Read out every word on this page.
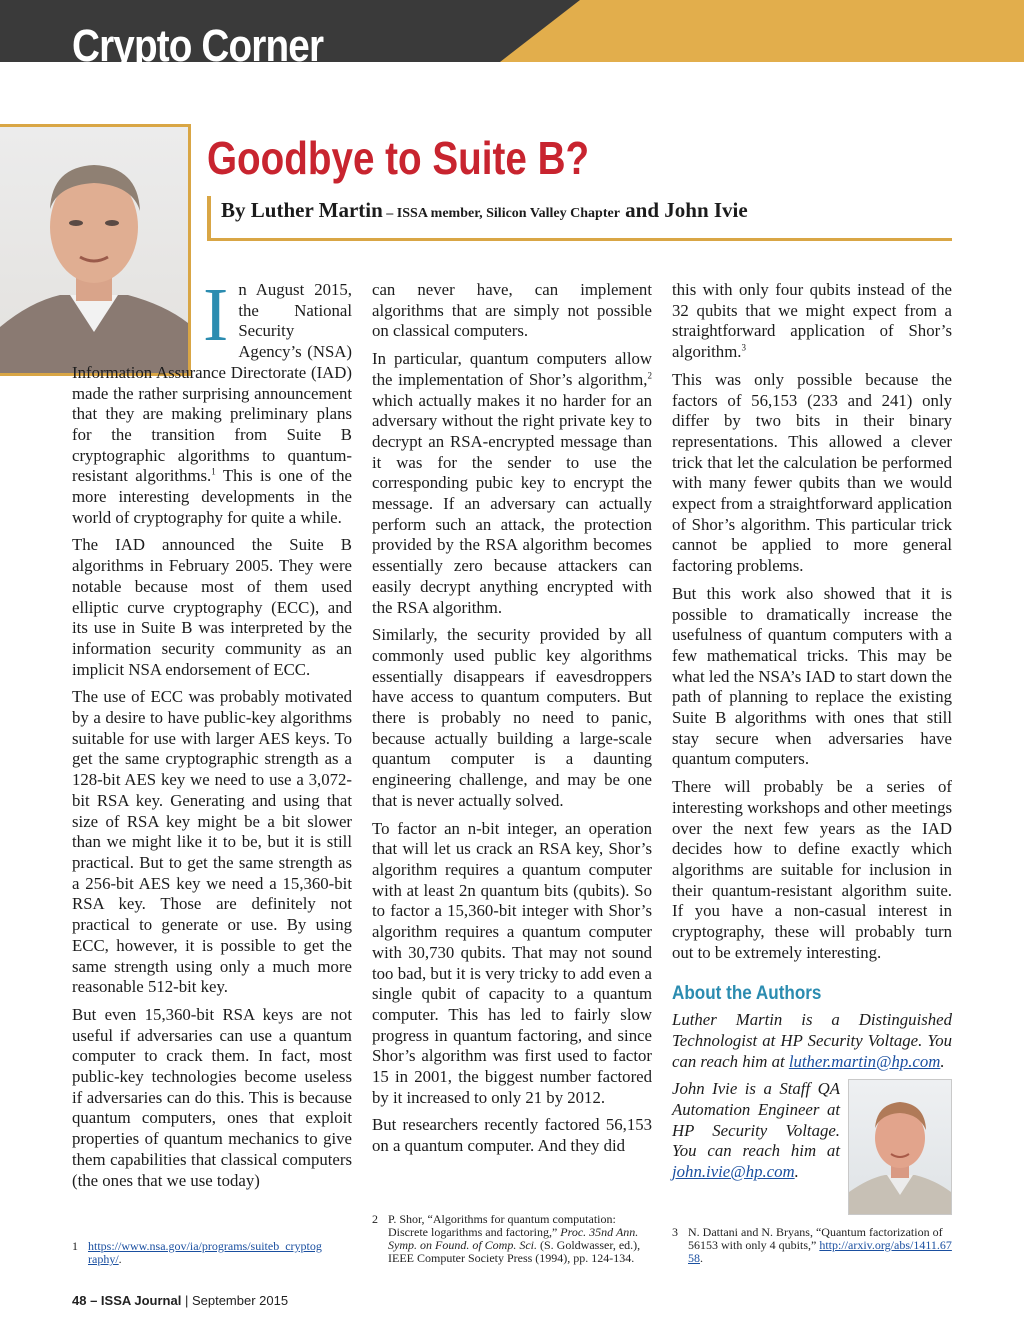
Crypto Corner
Goodbye to Suite B?
By Luther Martin – ISSA member, Silicon Valley Chapter and John Ivie

In August 2015, the National Security Agency’s (NSA) Information Assurance Directorate (IAD) made the rather surprising announcement that they are making preliminary plans for the transition from Suite B cryptographic algorithms to quantum-resistant algorithms.$^1$ This is one of the more interesting developments in the world of cryptography for quite a while.

The IAD announced the Suite B algorithms in February 2005. They were notable because most of them used elliptic curve cryptography (ECC), and its use in Suite B was interpreted by the information security community as an implicit NSA endorsement of ECC.

The use of ECC was probably motivated by a desire to have public-key algorithms suitable for use with larger AES keys. To get the same cryptographic strength as a 128-bit AES key we need to use a 3,072-bit RSA key. Generating and using that size of RSA key might be a bit slower than we might like it to be, but it is still practical. But to get the same strength as a 256-bit AES key we need a 15,360-bit RSA key. Those are definitely not practical to generate or use. By using ECC, however, it is possible to get the same strength using only a much more reasonable 512-bit key.

But even 15,360-bit RSA keys are not useful if adversaries can use a quantum computer to crack them. In fact, most public-key technologies become useless if adversaries can do this. This is because quantum computers, ones that exploit properties of quantum mechanics to give them capabilities that classical computers (the ones that we use today)

can never have, can implement algorithms that are simply not possible on classical computers.

In particular, quantum computers allow the implementation of Shor’s algorithm,$^2$ which actually makes it no harder for an adversary without the right private key to decrypt an RSA-encrypted message than it was for the sender to use the corresponding pubic key to encrypt the message. If an adversary can actually perform such an attack, the protection provided by the RSA algorithm becomes essentially zero because attackers can easily decrypt anything encrypted with the RSA algorithm.

Similarly, the security provided by all commonly used public key algorithms essentially disappears if eavesdroppers have access to quantum computers. But there is probably no need to panic, because actually building a large-scale quantum computer is a daunting engineering challenge, and may be one that is never actually solved.

To factor an n-bit integer, an operation that will let us crack an RSA key, Shor’s algorithm requires a quantum computer with at least 2n quantum bits (qubits). So to factor a 15,360-bit integer with Shor’s algorithm requires a quantum computer with 30,730 qubits. That may not sound too bad, but it is very tricky to add even a single qubit of capacity to a quantum computer. This has led to fairly slow progress in quantum factoring, and since Shor’s algorithm was first used to factor 15 in 2001, the biggest number factored by it increased to only 21 by 2012.

But researchers recently factored 56,153 on a quantum computer. And they did

this with only four qubits instead of the 32 qubits that we might expect from a straightforward application of Shor’s algorithm.$^3$

This was only possible because the factors of 56,153 (233 and 241) only differ by two bits in their binary representations. This allowed a clever trick that let the calculation be performed with many fewer qubits than we would expect from a straightforward application of Shor’s algorithm. This particular trick cannot be applied to more general factoring problems.

But this work also showed that it is possible to dramatically increase the usefulness of quantum computers with a few mathematical tricks. This may be what led the NSA’s IAD to start down the path of planning to replace the existing Suite B algorithms with ones that still stay secure when adversaries have quantum computers.

There will probably be a series of interesting workshops and other meetings over the next few years as the IAD decides how to define exactly which algorithms are suitable for inclusion in their quantum-resistant algorithm suite. If you have a non-casual interest in cryptography, these will probably turn out to be extremely interesting.

About the Authors

Luther Martin is a Distinguished Technologist at HP Security Voltage. You can reach him at luther.martin@hp.com.

John Ivie is a Staff QA Automation Engineer at HP Security Voltage. You can reach him at john.ivie@hp.com.

1 https://www.nsa.gov/ia/programs/suiteb_cryptography/.
2 P. Shor, “Algorithms for quantum computation: Discrete logarithms and factoring,” Proc. 35nd Ann. Symp. on Found. of Comp. Sci. (S. Goldwasser, ed.), IEEE Computer Society Press (1994), pp. 124-134.
3 N. Dattani and N. Bryans, “Quantum factorization of 56153 with only 4 qubits,” http://arxiv.org/abs/1411.6758.
48 – ISSA Journal | September 2015
